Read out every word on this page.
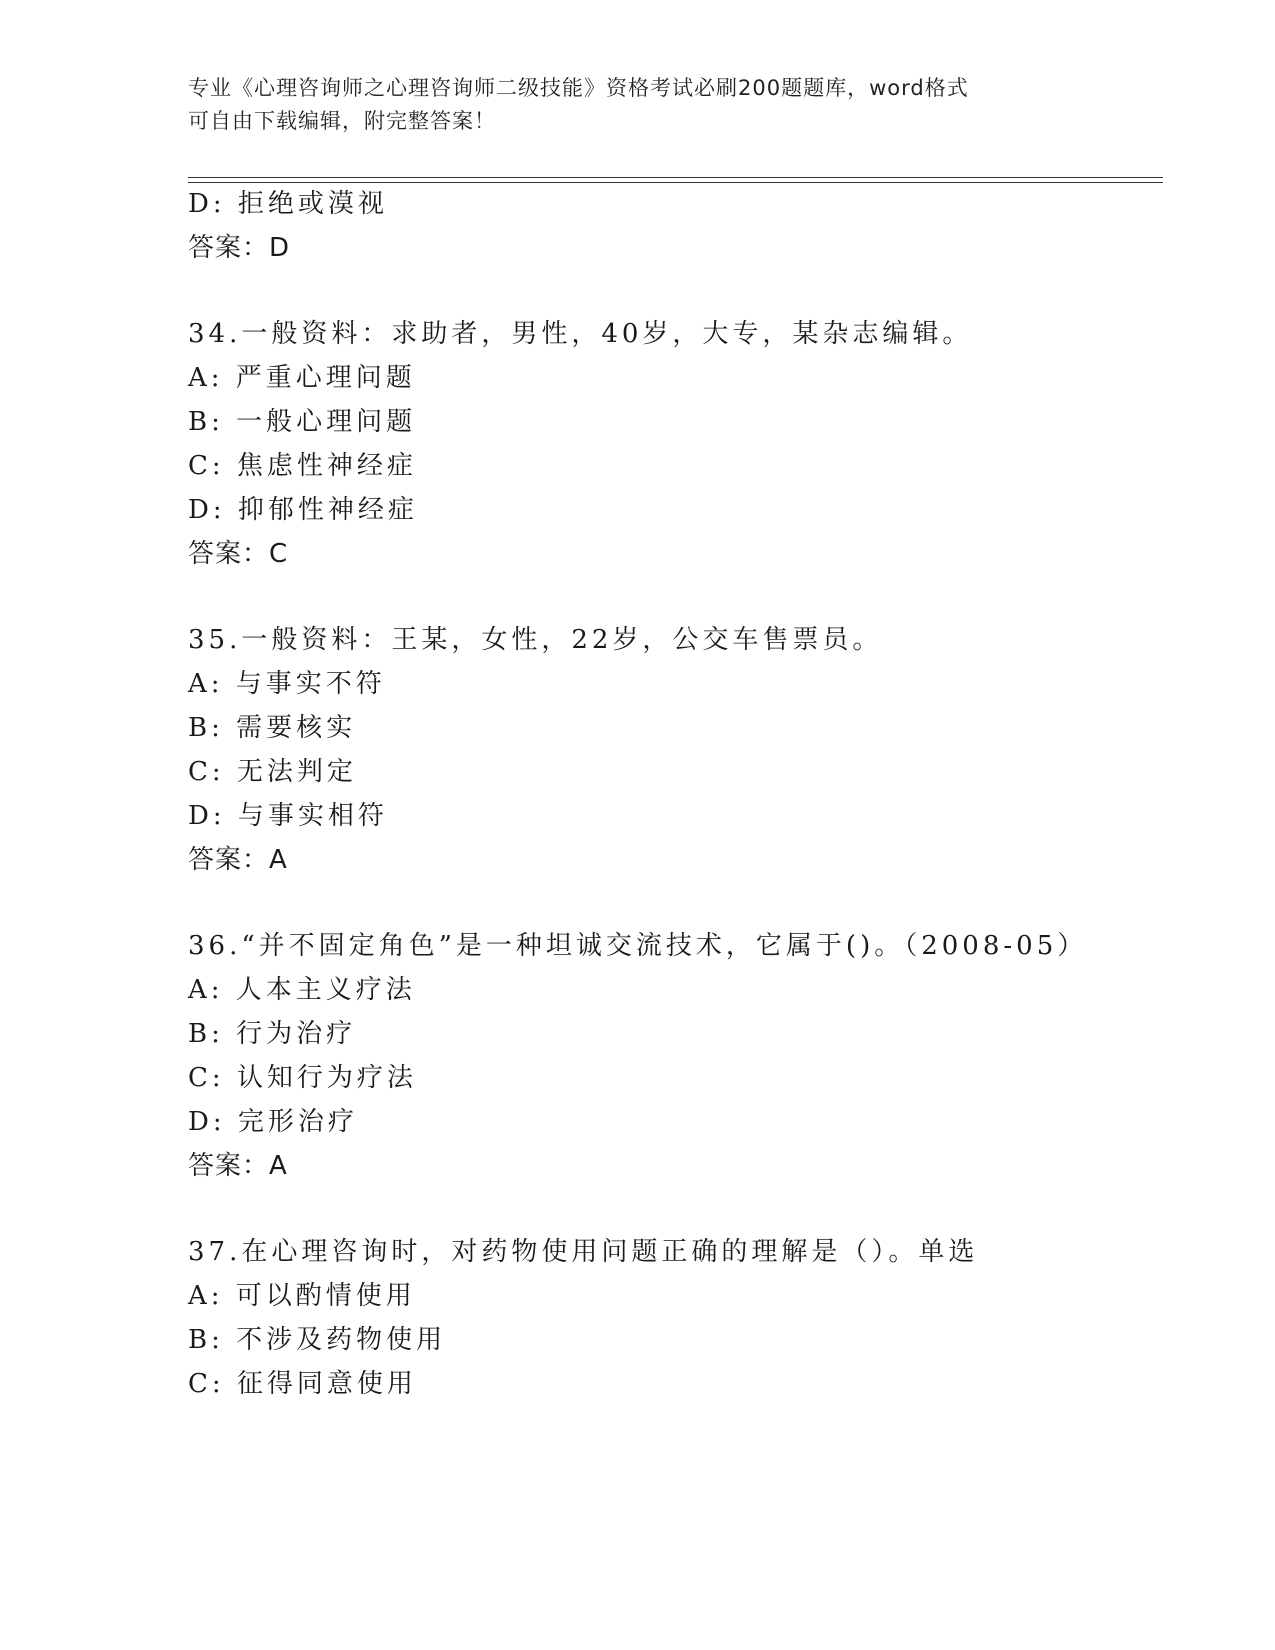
专业《心理咨询师之心理咨询师二级技能》资格考试必刷200题题库，word格式
可自由下载编辑，附完整答案！
D: 拒绝或漠视
答案：D
34.一般资料：求助者，男性，40岁，大专，某杂志编辑。
A: 严重心理问题
B: 一般心理问题
C: 焦虑性神经症
D: 抑郁性神经症
答案：C
35.一般资料：王某，女性，22岁，公交车售票员。
A: 与事实不符
B: 需要核实
C: 无法判定
D: 与事实相符
答案：A
36.“并不固定角色”是一种坦诚交流技术，它属于()。（2008-05）
A: 人本主义疗法
B: 行为治疗
C: 认知行为疗法
D: 完形治疗
答案：A
37.在心理咨询时，对药物使用问题正确的理解是（）。单选
A: 可以酌情使用
B: 不涉及药物使用
C: 征得同意使用
